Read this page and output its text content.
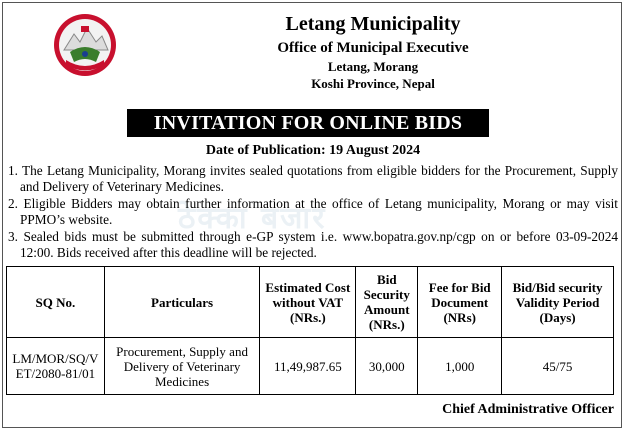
Letang Municipality
Office of Municipal Executive
Letang, Morang
Koshi Province, Nepal
INVITATION FOR ONLINE BIDS
Date of Publication: 19 August 2024
ठेक्का बजार
1. The Letang Municipality, Morang invites sealed quotations from eligible bidders for the Procurement, Supply and Delivery of Veterinary Medicines.
2. Eligible Bidders may obtain further information at the office of Letang municipality, Morang or may visit PPMO’s website.
3. Sealed bids must be submitted through e-GP system i.e. www.bopatra.gov.np/cgp on or before 03-09-2024 12:00. Bids received after this deadline will be rejected.
SQ No.	Particulars	Estimated Cost without VAT (NRs.)	Bid Security Amount (NRs.)	Fee for Bid Document (NRs)	Bid/Bid security Validity Period (Days)
LM/MOR/SQ/VET/2080-81/01	Procurement, Supply and Delivery of Veterinary Medicines	11,49,987.65	30,000	1,000	45/75
Chief Administrative Officer
